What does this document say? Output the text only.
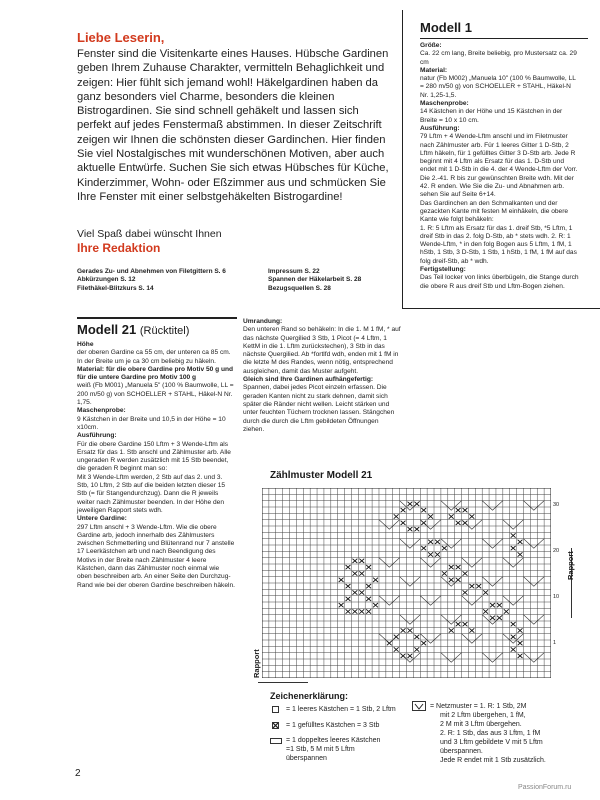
Liebe Leserin,
Fenster sind die Visitenkarte eines Hauses. Hübsche Gardinen geben Ihrem Zuhause Charakter, vermitteln Behaglichkeit und zeigen: Hier fühlt sich jemand wohl! Häkelgardinen haben da ganz besonders viel Charme, besonders die kleinen Bistrogardinen. Sie sind schnell gehäkelt und lassen sich perfekt auf jedes Fenstermaß abstimmen. In dieser Zeitschrift zeigen wir Ihnen die schönsten dieser Gardinchen. Hier finden Sie viel Nostalgisches mit wunderschönen Motiven, aber auch aktuelle Entwürfe. Suchen Sie sich etwas Hübsches für Küche, Kinderzimmer, Wohn- oder Eßzimmer aus und schmücken Sie Ihre Fenster mit einer selbstgehäkelten Bistrogardine!
Viel Spaß dabei wünscht Ihnen
Ihre Redaktion
Gerades Zu- und Abnehmen von Filetgittern S. 6
Abkürzungen S. 12
Filethäkel-Blitzkurs S. 14
Impressum S. 22
Spannen der Häkelarbeit S. 28
Bezugsquellen S. 28
Modell 1
Größe:
Ca. 22 cm lang, Breite beliebig, pro Mustersatz ca. 29 cm
Material:
natur (Fb M002) „Manuela 10" (100 % Baumwolle, LL = 280 m/50 g) von SCHOELLER + STAHL, Häkel-N Nr. 1,25-1,5.
Maschenprobe:
14 Kästchen in der Höhe und 15 Kästchen in der Breite = 10 x 10 cm.
Ausführung:
79 Lftm + 4 Wende-Lftm anschl und im Filetmuster nach Zählmuster arb. Für 1 leeres Gitter 1 D-Stb, 2 Lftm häkeln, für 1 gefülltes Gitter 3 D-Stb arb. Jede R beginnt mit 4 Lftm als Ersatz für das 1. D-Stb und endet mit 1 D-Stb in die 4. der 4 Wende-Lftm der Vorr.
Die 2.-41. R bis zur gewünschten Breite wdh. Mit der 42. R enden. Wie Sie die Zu- und Abnahmen arb. sehen Sie auf Seite 6+14.
Das Gardinchen an den Schmalkanten und der gezackten Kante mit festen M einhäkeln, die obere Kante wie folgt behäkeln:
1. R: 5 Lftm als Ersatz für das 1. dreif Stb, *5 Lftm, 1 dreif Stb in das 2. folg D-Stb, ab * stets wdh. 2. R: 1 Wende-Lftm, * in den folg Bogen aus 5 Lftm, 1 fM, 1 hStb, 1 Stb, 3 D-Stb, 1 Stb, 1 hStb, 1 fM, 1 fM auf das folg dreif-Stb, ab * wdh.
Fertigstellung:
Das Teil locker von links überbügeln, die Stange durch die obere R aus dreif Stb und Lftm-Bogen ziehen.
Modell 21 (Rücktitel)
Höhe
der oberen Gardine ca 55 cm, der unteren ca 85 cm.
In der Breite um je ca 30 cm beliebig zu häkeln.
Material: für die obere Gardine pro Motiv 50 g und für die untere Gardine pro Motiv 100 g
weiß (Fb M001) „Manuela 5" (100 % Baumwolle, LL = 200 m/50 g) von SCHOELLER + STAHL, Häkel-N Nr. 1,75.
Maschenprobe:
9 Kästchen in der Breite und 10,5 in der Höhe = 10 x10cm.
Ausführung:
Für die obere Gardine 150 Lftm + 3 Wende-Lftm als Ersatz für das 1. Stb anschl und Zählmuster arb. Alle ungeraden R werden zusätzlich mit 15 Stb beendet, die geraden R beginnt man so:
Mit 3 Wende-Lftm werden, 2 Stb auf das 2. und 3. Stb, 10 Lftm, 2 Stb auf die beiden letzten dieser 15 Stb (= für Stangendurchzug). Dann die R jeweils weiter nach Zählmuster beenden. In der Höhe den jeweiligen Rapport stets wdh.
Untere Gardine:
297 Lftm anschl + 3 Wende-Lftm. Wie die obere Gardine arb, jedoch innerhalb des Zählmusters zwischen Schmetterling und Blütenrand nur 7 anstelle 17 Leerkästchen arb und nach Beendigung des Motivs in der Breite nach Zählmuster 4 leere Kästchen, dann das Zählmuster noch einmal wie oben beschreiben arb. An einer Seite den Durchzug-Rand wie bei der oberen Gardine beschreiben häkeln.
Umrandung:
Den unteren Rand so behäkeln: In die 1. M 1 fM, * auf das nächste Quergilied 3 Stb, 1 Picot (= 4 Lftm, 1 KettM in die 1. Lftm zurückstechen), 3 Stb in das nächste Quergilied. Ab *fortlfd wdh, enden mit 1 fM in die letzte M des Randes, wenn nötig, entsprechend ausgleichen, damit das Muster aufgeht.
Gleich sind Ihre Gardinen aufhängefertig:
Spannen, dabei jedes Picot einzeln erfassen. Die geraden Kanten nicht zu stark dehnen, damit sich später die Ränder nicht wellen. Leicht stärken und unter feuchten Tüchern trocknen lassen. Stängchen durch die durch die Lftm gebildeten Öffnungen ziehen.
Zählmuster Modell 21
30
20
10
1
Rapport
Rapport
Zeichenerklärung:
= 1 leeres Kästchen = 1 Stb, 2 Lftm
= 1 gefülltes Kästchen = 3 Stb
= 1 doppeltes leeres Kästchen
=1 Stb, 5 M mit 5 Lftm
überspannen
= Netzmuster = 1. R: 1 Stb, 2M
mit 2 Lftm übergehen, 1 fM,
2 M mit 3 Lftm übergehen.
2. R: 1 Stb, das aus 3 Lftm, 1 fM
und 3 Lftm gebildete V mit 5 Lftm
überspannen.
Jede R endet mit 1 Stb zusätzlich.
2
PassionForum.ru
